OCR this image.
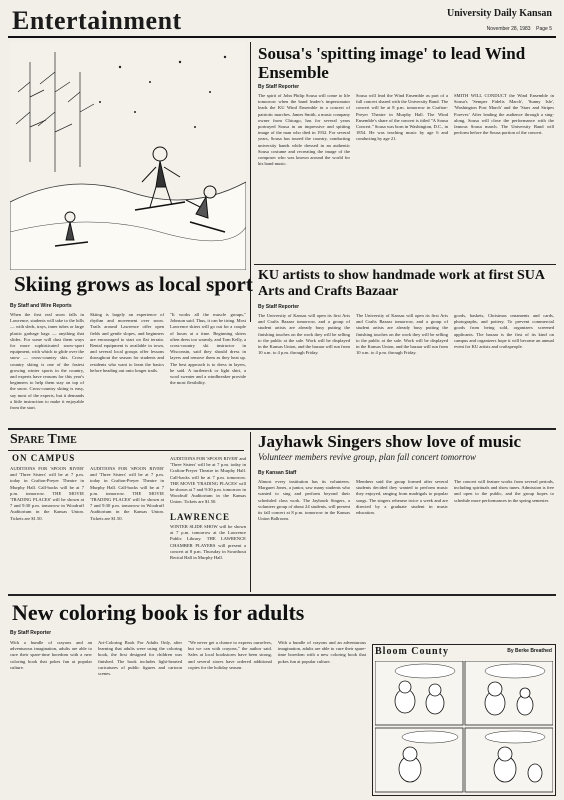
Entertainment	University Daily Kansan
November 28, 1983 Page 5
Skiing grows as local sport
By Staff and Wire Reports
When the first real snow falls in Lawrence, students will take to the hills — with sleds, trays, inner tubes or large plastic garbage bags — anything that slides. For some will dust them ways for more sophisticated snow-sport equipment, with which to glide over the snow — cross-country skis. Cross-country skiing is one of the fastest growing winter sports in the country, and experts have reasons for this year's beginners to help them stay on top of the snow. Cross-country skiing is easy, say most of the experts, but it demands a little instruction to make it enjoyable from the start.
Skiing is largely an experience of rhythm and movement over snow. Trails around Lawrence offer open fields and gentle slopes, and beginners are encouraged to start on flat terrain. Rental equipment is available in town, and several local groups offer lessons throughout the season for students and residents who want to learn the basics before heading out onto longer trails.
"It works all the muscle groups," Johnson said. Thus, it can be tiring. Most Lawrence skiers will go out for a couple of hours at a time. Beginning skiers often dress too warmly, and Tom Kelly, a cross-country ski instructor in Wisconsin, said they should dress in layers and remove them as they heat up. The best approach is to dress in layers, he said. A turtleneck or light shirt, a wool sweater and a windbreaker provide the most flexibility.
Sousa's 'spitting image' to lead Wind Ensemble
By Staff Reporter
The spirit of John Philip Sousa will come to life tomorrow when the band leader's impersonator leads the KU Wind Ensemble in a concert of patriotic marches. James Smith, a music company owner from Chicago, has for several years portrayed Sousa in an impressive and spitting image of the man who died in 1932. For several years, Sousa has toured the country, conducting university bands while dressed in an authentic Sousa costume and recreating the image of the composer who was known around the world for his band music.
Sousa will lead the Wind Ensemble as part of a full concert shared with the University Band. The concert will be at 8 p.m. tomorrow in Crafton-Preyer Theatre in Murphy Hall. The Wind Ensemble's share of the concert is titled "A Sousa Concert." Sousa was born in Washington, D.C., in 1854. He was teaching music by age 6 and conducting by age 21.
SMITH WILL CONDUCT the Wind Ensemble in Sousa's 'Semper Fidelis March', 'Sunny Isle', 'Washington Post March' and the 'Stars and Stripes Forever.' After leading the audience through a sing-along, Sousa will close the performance with the famous Sousa march. The University Band will perform before the Sousa portion of the concert.
KU artists to show handmade work at first SUA Arts and Crafts Bazaar
By Staff Reporter
The University of Kansas will open its first Arts and Crafts Bazaar tomorrow, and a group of student artists are already busy putting the finishing touches on the work they will be selling to the public at the sale. Work will be displayed in the Kansas Union, and the bazaar will run from 10 a.m. to 4 p.m. through Friday.
goods, baskets, Christmas ornaments and cards, photographs, and pottery. To prevent commercial goods from being sold, organizers screened applicants. The bazaar is the first of its kind on campus and organizers hope it will become an annual event for KU artists and craftspeople.
The University of Kansas will open its first Arts and Crafts Bazaar tomorrow, and a group of student artists are already busy putting the finishing touches on the work they will be selling to the public at the sale. Work will be displayed in the Kansas Union, and the bazaar will run from 10 a.m. to 4 p.m. through Friday.
Spare Time
ON CAMPUS
AUDITIONS FOR 'SPOON RIVER' and 'Three Sisters' will be at 7 p.m. today in Crafton-Preyer Theatre in Murphy Hall. Call-backs will be at 7 p.m. tomorrow. THE MOVIE 'TRADING PLACES' will be shown at 7 and 9:30 p.m. tomorrow in Woodruff Auditorium in the Kansas Union. Tickets are $1.50.
AUDITIONS FOR 'SPOON RIVER' and 'Three Sisters' will be at 7 p.m. today in Crafton-Preyer Theatre in Murphy Hall. Call-backs will be at 7 p.m. tomorrow. THE MOVIE 'TRADING PLACES' will be shown at 7 and 9:30 p.m. tomorrow in Woodruff Auditorium in the Kansas Union. Tickets are $1.50.
AUDITIONS FOR 'SPOON RIVER' and 'Three Sisters' will be at 7 p.m. today in Crafton-Preyer Theatre in Murphy Hall. Call-backs will be at 7 p.m. tomorrow. THE MOVIE 'TRADING PLACES' will be shown at 7 and 9:30 p.m. tomorrow in Woodruff Auditorium in the Kansas Union. Tickets are $1.50.
LAWRENCE
WINTER SLIDE SHOW will be shown at 7 p.m. tomorrow at the Lawrence Public Library. THE LAWRENCE CHAMBER PLAYERS will present a concert at 8 p.m. Thursday in Swarthout Recital Hall in Murphy Hall.
Jayhawk Singers show love of music
Volunteer members revive group, plan fall concert tomorrow
By Kansan Staff
Almost every institution has its volunteers. Margaret Jones, a junior, saw many students who wanted to sing and perform beyond their scheduled class work. The Jayhawk Singers, a volunteer group of about 24 students, will present its fall concert at 8 p.m. tomorrow in the Kansas Union Ballroom.
Members said the group formed after several students decided they wanted to perform music they enjoyed, ranging from madrigals to popular songs. The singers rehearse twice a week and are directed by a graduate student in music education.
The concert will feature works from several periods, including spirituals and show tunes. Admission is free and open to the public, and the group hopes to schedule more performances in the spring semester.
New coloring book is for adults
By Staff Reporter
With a bundle of crayons and an adventurous imagination, adults are able to cure their spare-time boredom with a new coloring book that pokes fun at popular culture.
Art-Coloring Book For Adults Only, after learning that adults were using the coloring book, the first designed for children was finished. The book includes light-hearted caricatures of public figures and cartoon scenes.
"We never get a chance to express ourselves, but we can with crayons," the author said. Sales at local bookstores have been strong, and several stores have ordered additional copies for the holiday season.
With a bundle of crayons and an adventurous imagination, adults are able to cure their spare-time boredom with a new coloring book that pokes fun at popular culture.
Bloom County	By Berke Breathed
